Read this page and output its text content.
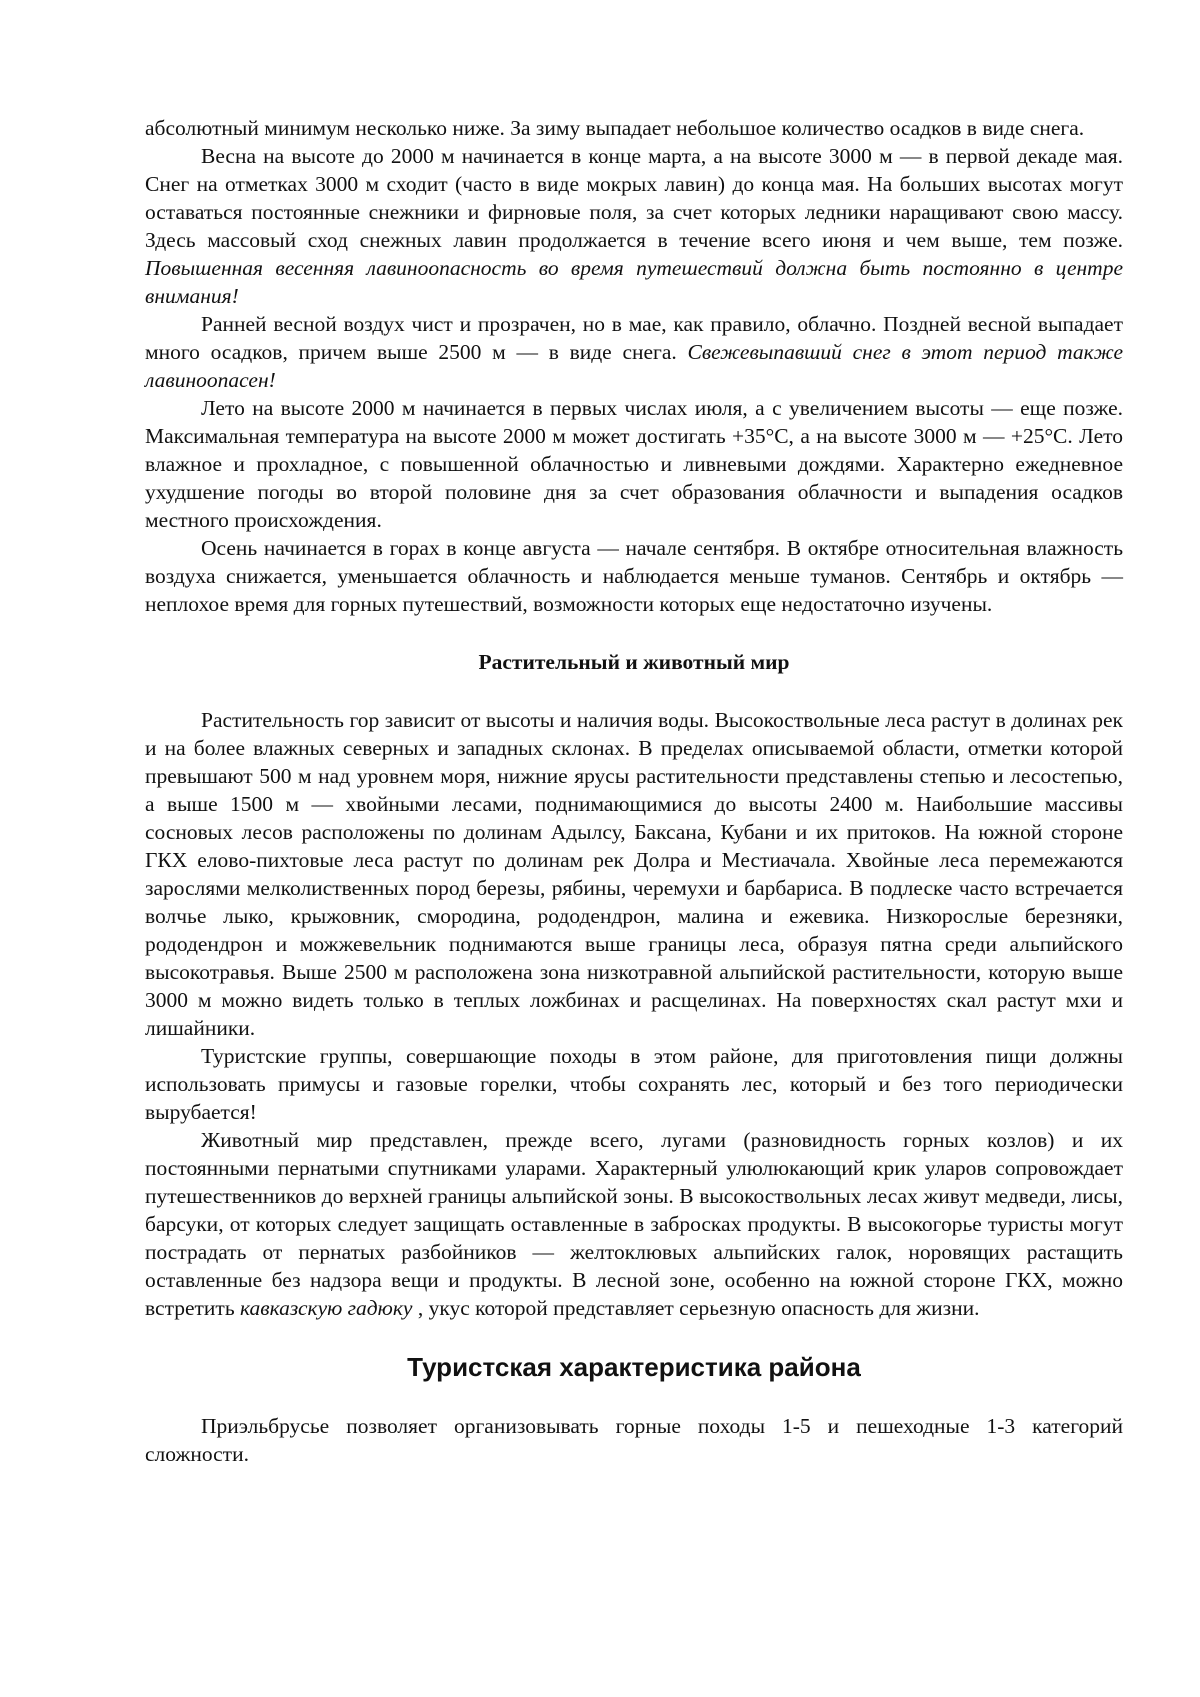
абсолютный минимум несколько ниже. За зиму выпадает небольшое количество осадков в виде снега.

Весна на высоте до 2000 м начинается в конце марта, а на высоте 3000 м — в первой декаде мая. Снег на отметках 3000 м сходит (часто в виде мокрых лавин) до конца мая. На больших высотах могут оставаться постоянные снежники и фирновые поля, за счет которых ледники наращивают свою массу. Здесь массовый сход снежных лавин продолжается в течение всего июня и чем выше, тем позже. Повышенная весенняя лавиноопасность во время путешествий должна быть постоянно в центре внимания!

Ранней весной воздух чист и прозрачен, но в мае, как правило, облачно. Поздней весной выпадает много осадков, причем выше 2500 м — в виде снега. Свежевыпавший снег в этот период также лавиноопасен!

Лето на высоте 2000 м начинается в первых числах июля, а с увеличением высоты — еще позже. Максимальная температура на высоте 2000 м может достигать +35°С, а на высоте 3000 м — +25°С. Лето влажное и прохладное, с повышенной облачностью и ливневыми дождями. Характерно ежедневное ухудшение погоды во второй половине дня за счет образования облачности и выпадения осадков местного происхождения.

Осень начинается в горах в конце августа — начале сентября. В октябре относительная влажность воздуха снижается, уменьшается облачность и наблюдается меньше туманов. Сентябрь и октябрь — неплохое время для горных путешествий, возможности которых еще недостаточно изучены.

Растительный и животный мир

Растительность гор зависит от высоты и наличия воды. Высокоствольные леса растут в долинах рек и на более влажных северных и западных склонах. В пределах описываемой области, отметки которой превышают 500 м над уровнем моря, нижние ярусы растительности представлены степью и лесостепью, а выше 1500 м — хвойными лесами, поднимающимися до высоты 2400 м. Наибольшие массивы сосновых лесов расположены по долинам Адылсу, Баксана, Кубани и их притоков. На южной стороне ГКХ елово-пихтовые леса растут по долинам рек Долра и Местиачала. Хвойные леса перемежаются зарослями мелколиственных пород березы, рябины, черемухи и барбариса. В подлеске часто встречается волчье лыко, крыжовник, смородина, рододендрон, малина и ежевика. Низкорослые березняки, рододендрон и можжевельник поднимаются выше границы леса, образуя пятна среди альпийского высокотравья. Выше 2500 м расположена зона низкотравной альпийской растительности, которую выше 3000 м можно видеть только в теплых ложбинах и расщелинах. На поверхностях скал растут мхи и лишайники.

Туристские группы, совершающие походы в этом районе, для приготовления пищи должны использовать примусы и газовые горелки, чтобы сохранять лес, который и без того периодически вырубается!

Животный мир представлен, прежде всего, лугами (разновидность горных козлов) и их постоянными пернатыми спутниками уларами. Характерный улюлюкающий крик уларов сопровождает путешественников до верхней границы альпийской зоны. В высокоствольных лесах живут медведи, лисы, барсуки, от которых следует защищать оставленные в забросках продукты. В высокогорье туристы могут пострадать от пернатых разбойников — желтоклювых альпийских галок, норовящих растащить оставленные без надзора вещи и продукты. В лесной зоне, особенно на южной стороне ГКХ, можно встретить кавказскую гадюку , укус которой представляет серьезную опасность для жизни.

Туристская характеристика района

Приэльбрусье позволяет организовывать горные походы 1-5 и пешеходные 1-3 категорий сложности.
